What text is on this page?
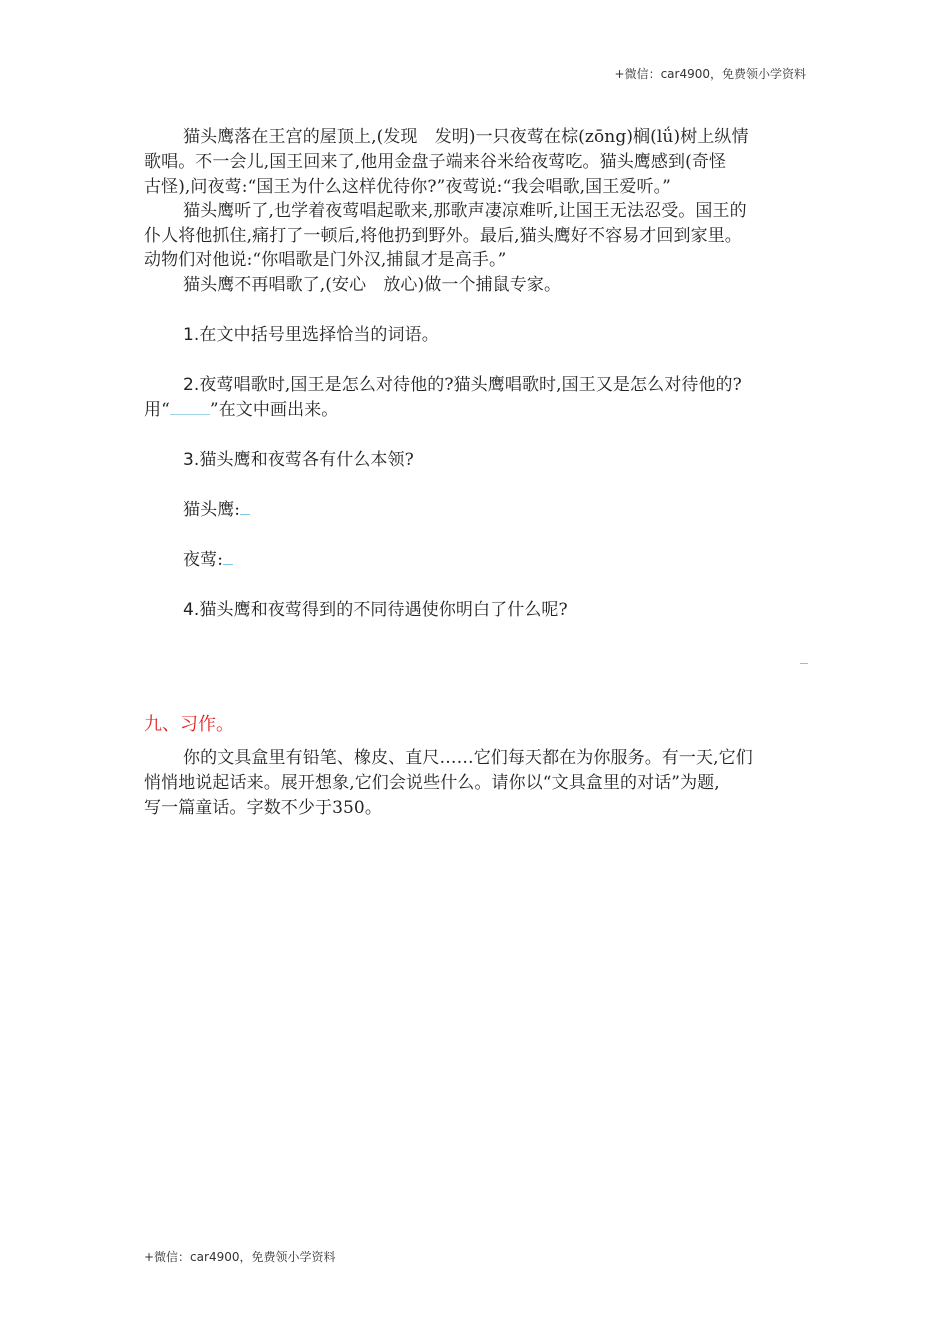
+微信：car4900，免费领小学资料
猫头鹰落在王宫的屋顶上,(发现　发明)一只夜莺在棕(zōng)榈(lǘ)树上纵情
歌唱。不一会儿,国王回来了,他用金盘子端来谷米给夜莺吃。猫头鹰感到(奇怪
古怪),问夜莺:“国王为什么这样优待你?”夜莺说:“我会唱歌,国王爱听。”
猫头鹰听了,也学着夜莺唱起歌来,那歌声凄凉难听,让国王无法忍受。国王的
仆人将他抓住,痛打了一顿后,将他扔到野外。最后,猫头鹰好不容易才回到家里。
动物们对他说:“你唱歌是门外汉,捕鼠才是高手。”
猫头鹰不再唱歌了,(安心　放心)做一个捕鼠专家。
1.在文中括号里选择恰当的词语。
2.夜莺唱歌时,国王是怎么对待他的?猫头鹰唱歌时,国王又是怎么对待他的?
用“ ”在文中画出来。
3.猫头鹰和夜莺各有什么本领?
猫头鹰:
夜莺:
4.猫头鹰和夜莺得到的不同待遇使你明白了什么呢?
九、习作。
你的文具盒里有铅笔、橡皮、直尺……它们每天都在为你服务。有一天,它们
悄悄地说起话来。展开想象,它们会说些什么。请你以“文具盒里的对话”为题,
写一篇童话。字数不少于350。
+微信：car4900，免费领小学资料
